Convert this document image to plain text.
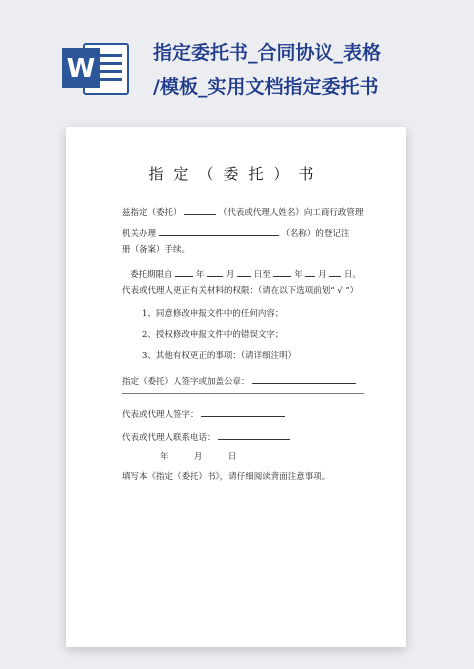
W
指定委托书_合同协议_表格
/模板_实用文档指定委托书
指定（委托）书
兹指定（委托）	（代表或代理人姓名）向工商行政管理
机关办理	（名称）的登记注
册（备案）手续。
委托期限自	年	月 日至	年 月 日。
代表或代理人更正有关材料的权限：（请在以下选项前划“ √ ”）
1、同意修改申报文件中的任何内容；
2、授权修改申报文件中的错误文字；
3、其他有权更正的事项：（请详细注明）
指定（委托）人签字或加盖公章：
代表或代理人签字：
代表或代理人联系电话：
年	月	日
填写本《指定（委托）书》，请仔细阅读背面注意事项。
